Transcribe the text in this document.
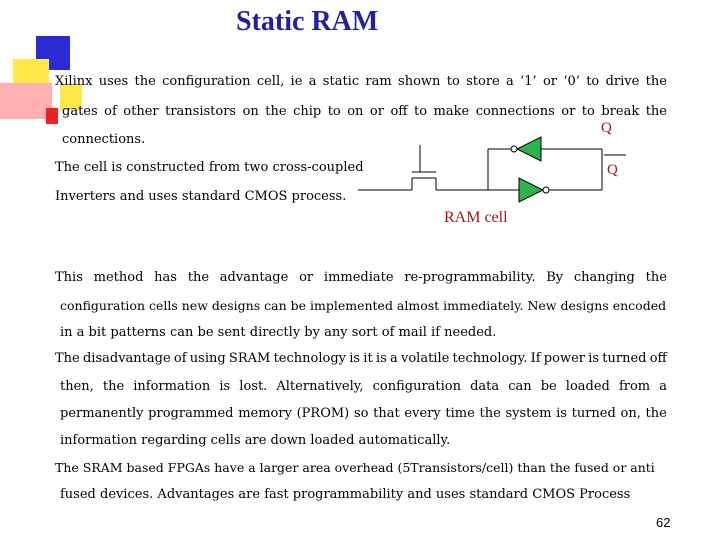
Static RAM
Xilinx uses the configuration cell, ie a static ram shown to store a ‘1’ or ‘0’ to drive the
gates of other transistors on the chip to on or off to make connections or to break the
connections.
The cell is constructed from two cross-coupled
Inverters and uses standard CMOS process.
Q
Q
RAM cell
This method has the advantage or immediate re-programmability. By changing the
configuration cells new designs can be implemented almost immediately. New designs encoded
in a bit patterns can be sent directly by any sort of mail if needed.
The disadvantage of using SRAM technology is it is a volatile technology. If power is turned off
then, the information is lost. Alternatively, configuration data can be loaded from a
permanently programmed memory (PROM) so that every time the system is turned on, the
information regarding cells are down loaded automatically.
The SRAM based FPGAs have a larger area overhead (5Transistors/cell) than the fused or anti
fused devices. Advantages are fast programmability and uses standard CMOS Process
62
